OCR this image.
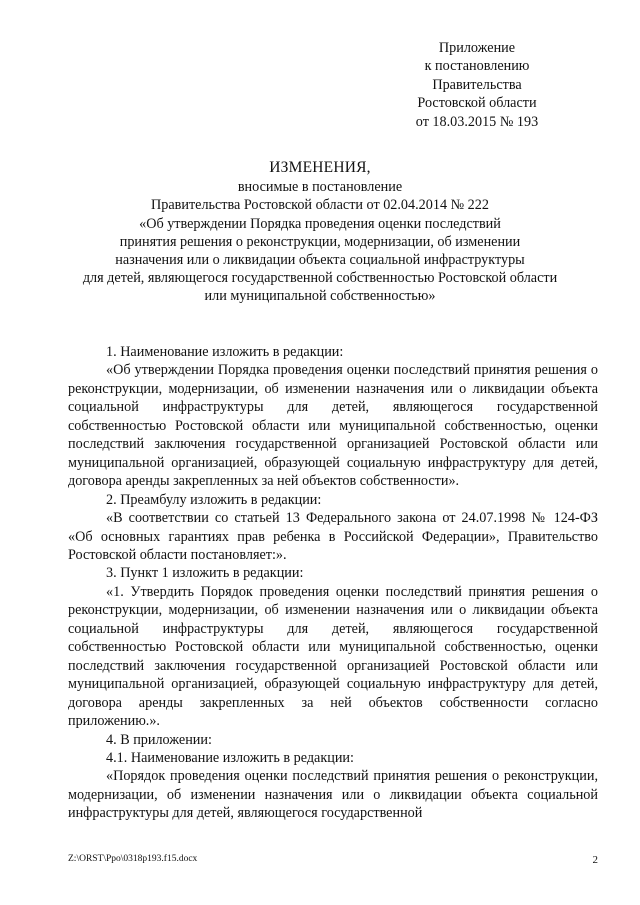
Приложение
к постановлению
Правительства
Ростовской области
от 18.03.2015 № 193
ИЗМЕНЕНИЯ,
вносимые в постановление
Правительства Ростовской области от 02.04.2014 № 222
«Об утверждении Порядка проведения оценки последствий
принятия решения о реконструкции, модернизации, об изменении
назначения или о ликвидации объекта социальной инфраструктуры
для детей, являющегося государственной собственностью Ростовской области
или муниципальной собственностью»

1. Наименование изложить в редакции:

«Об утверждении Порядка проведения оценки последствий принятия решения о реконструкции, модернизации, об изменении назначения или о ликвидации объекта социальной инфраструктуры для детей, являющегося государственной собственностью Ростовской области или муниципальной собственностью, оценки последствий заключения государственной организацией Ростовской области или муниципальной организацией, образующей социальную инфраструктуру для детей, договора аренды закрепленных за ней объектов собственности».

2. Преамбулу изложить в редакции:

«В соответствии со статьей 13 Федерального закона от 24.07.1998 № 124-ФЗ «Об основных гарантиях прав ребенка в Российской Федерации», Правительство Ростовской области постановляет:».

3. Пункт 1 изложить в редакции:

«1. Утвердить Порядок проведения оценки последствий принятия решения о реконструкции, модернизации, об изменении назначения или о ликвидации объекта социальной инфраструктуры для детей, являющегося государственной собственностью Ростовской области или муниципальной собственностью, оценки последствий заключения государственной организацией Ростовской области или муниципальной организацией, образующей социальную инфраструктуру для детей, договора аренды закрепленных за ней объектов собственности согласно приложению.».

4. В приложении:

4.1. Наименование изложить в редакции:

«Порядок проведения оценки последствий принятия решения о реконструкции, модернизации, об изменении назначения или о ликвидации объекта социальной инфраструктуры для детей, являющегося государственной

Z:\ORST\Ppo\0318p193.f15.docx	2
